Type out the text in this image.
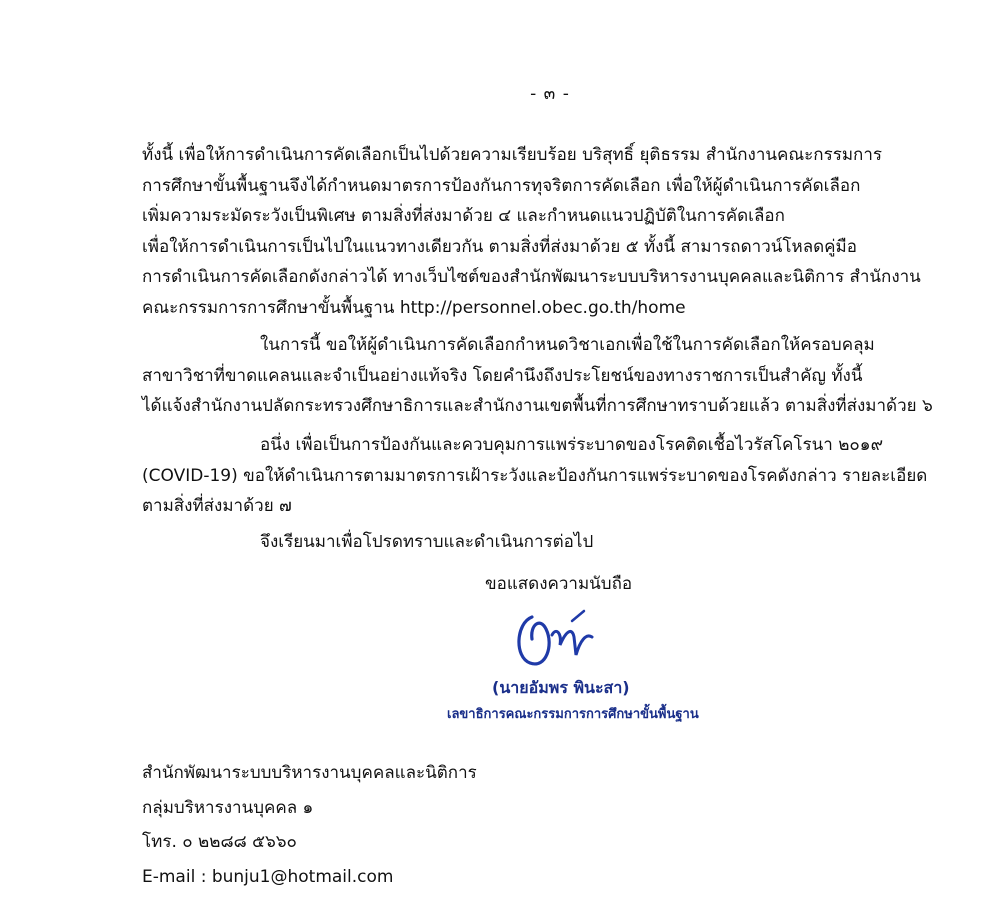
- ๓ -

ทั้งนี้ เพื่อให้การดำเนินการคัดเลือกเป็นไปด้วยความเรียบร้อย บริสุทธิ์ ยุติธรรม สำนักงานคณะกรรมการ
การศึกษาขั้นพื้นฐานจึงได้กำหนดมาตรการป้องกันการทุจริตการคัดเลือก เพื่อให้ผู้ดำเนินการคัดเลือก
เพิ่มความระมัดระวังเป็นพิเศษ ตามสิ่งที่ส่งมาด้วย ๔ และกำหนดแนวปฏิบัติในการคัดเลือก
เพื่อให้การดำเนินการเป็นไปในแนวทางเดียวกัน ตามสิ่งที่ส่งมาด้วย ๕ ทั้งนี้ สามารถดาวน์โหลดคู่มือ
การดำเนินการคัดเลือกดังกล่าวได้ ทางเว็บไซต์ของสำนักพัฒนาระบบบริหารงานบุคคลและนิติการ สำนักงาน
คณะกรรมการการศึกษาขั้นพื้นฐาน http://personnel.obec.go.th/home

ในการนี้ ขอให้ผู้ดำเนินการคัดเลือกกำหนดวิชาเอกเพื่อใช้ในการคัดเลือกให้ครอบคลุม
สาขาวิชาที่ขาดแคลนและจำเป็นอย่างแท้จริง โดยคำนึงถึงประโยชน์ของทางราชการเป็นสำคัญ ทั้งนี้
ได้แจ้งสำนักงานปลัดกระทรวงศึกษาธิการและสำนักงานเขตพื้นที่การศึกษาทราบด้วยแล้ว ตามสิ่งที่ส่งมาด้วย ๖

อนึ่ง เพื่อเป็นการป้องกันและควบคุมการแพร่ระบาดของโรคติดเชื้อไวรัสโคโรนา ๒๐๑๙
(COVID-19) ขอให้ดำเนินการตามมาตรการเฝ้าระวังและป้องกันการแพร่ระบาดของโรคดังกล่าว รายละเอียด
ตามสิ่งที่ส่งมาด้วย ๗

จึงเรียนมาเพื่อโปรดทราบและดำเนินการต่อไป

ขอแสดงความนับถือ
(นายอัมพร พินะสา)
เลขาธิการคณะกรรมการการศึกษาขั้นพื้นฐาน
สำนักพัฒนาระบบบริหารงานบุคคลและนิติการ
กลุ่มบริหารงานบุคคล ๑
โทร. ๐ ๒๒๘๘ ๕๖๖๐
E-mail : bunju1@hotmail.com
